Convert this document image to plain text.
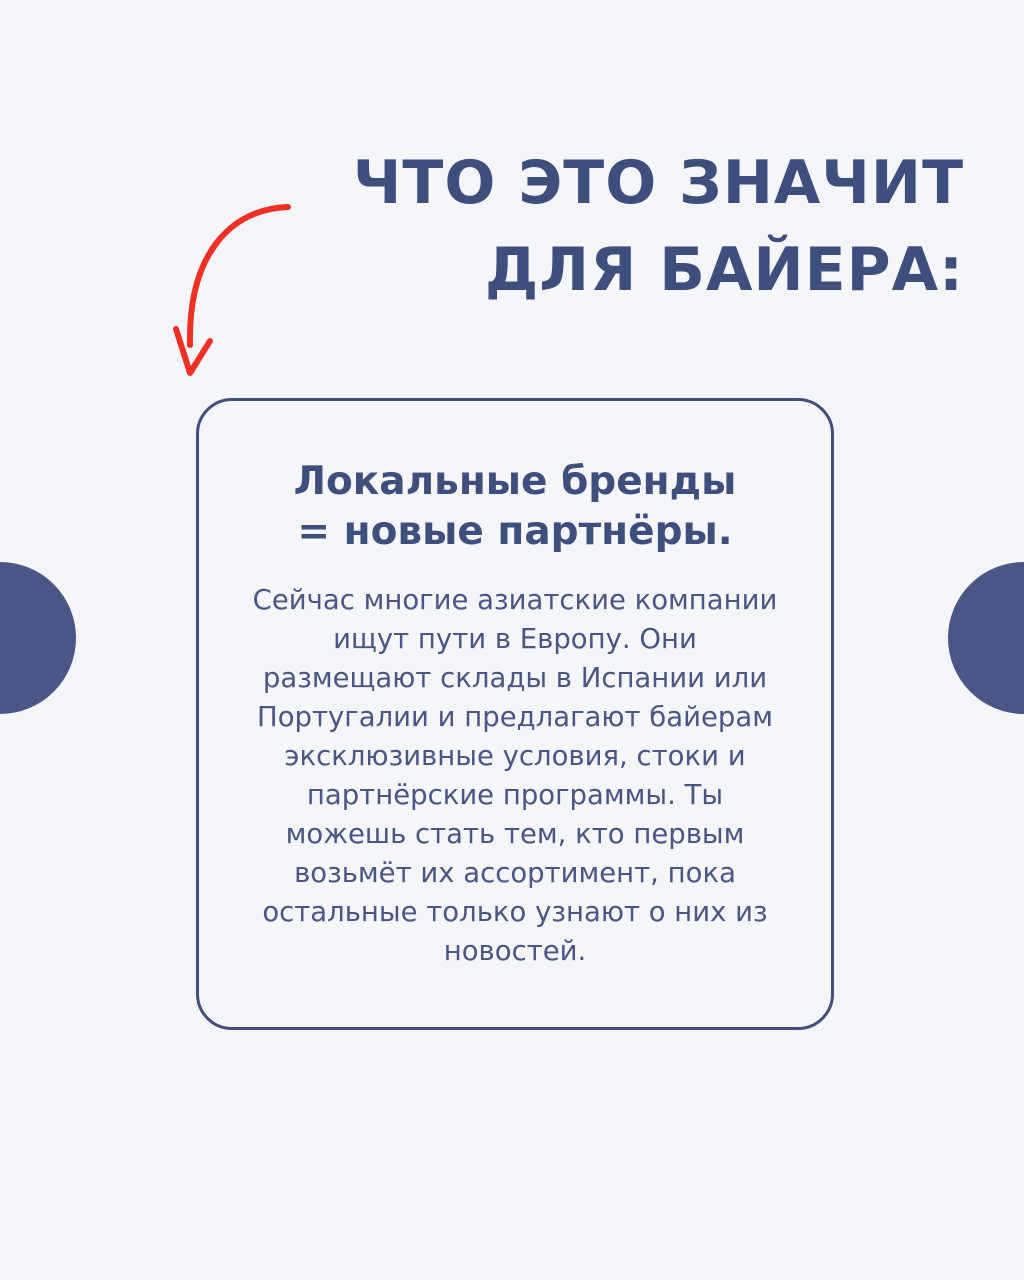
ЧТО ЭТО ЗНАЧИТ
ДЛЯ БАЙЕРА:
Локальные бренды
= новые партнёры.

Сейчас многие азиатские компании ищут пути в Европу. Они размещают склады в Испании или Португалии и предлагают байерам эксклюзивные условия, стоки и партнёрские программы. Ты можешь стать тем, кто первым возьмёт их ассортимент, пока остальные только узнают о них из новостей.
